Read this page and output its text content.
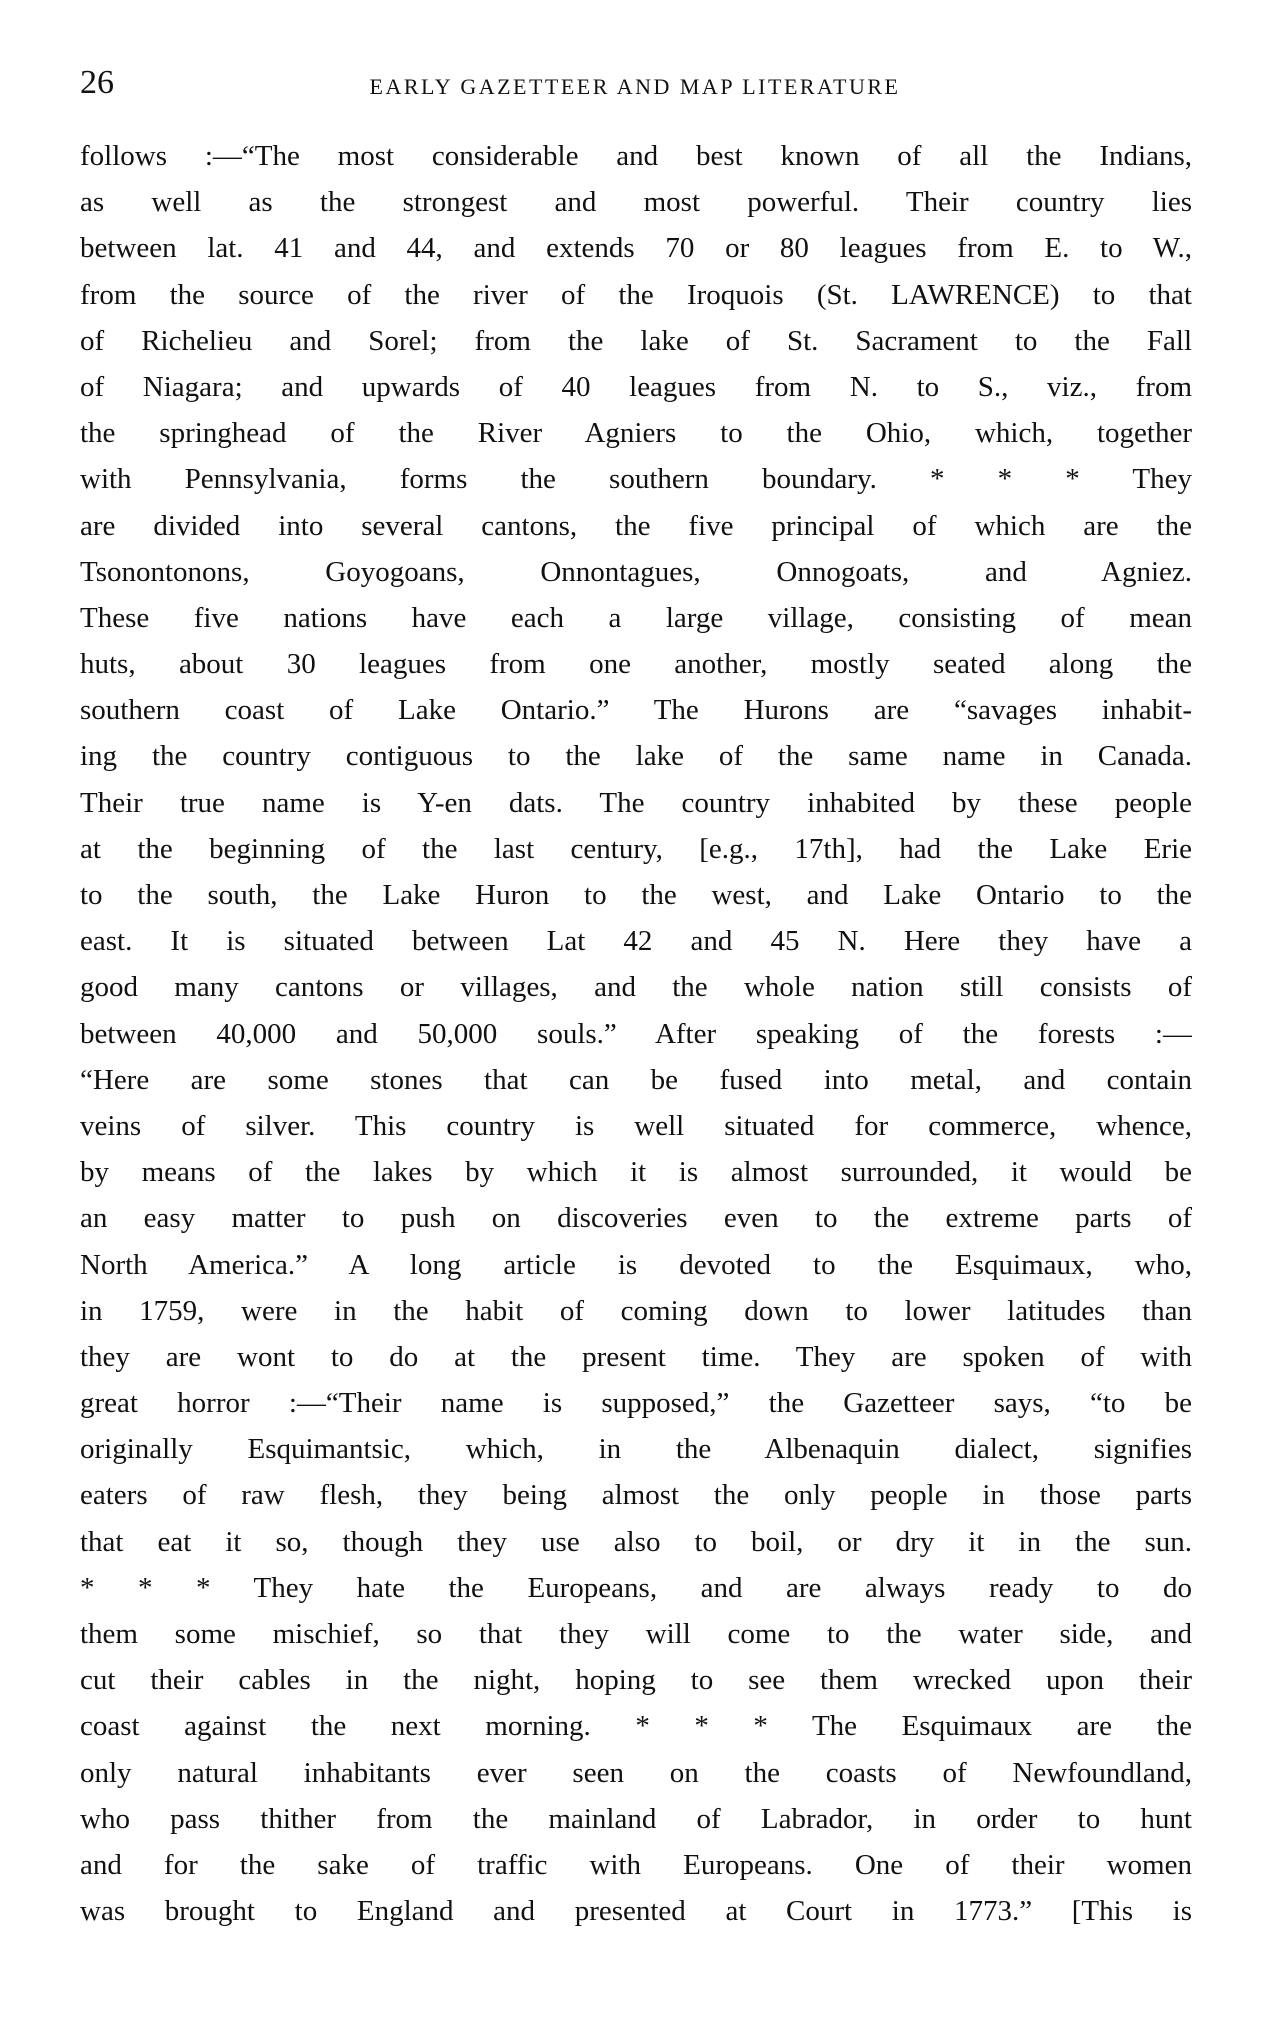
26	EARLY GAZETTEER AND MAP LITERATURE
follows :—“The most considerable and best known of all the Indians,
as well as the strongest and most powerful. Their country lies
between lat. 41 and 44, and extends 70 or 80 leagues from E. to W.,
from the source of the river of the Iroquois (St. LAWRENCE) to that
of Richelieu and Sorel; from the lake of St. Sacrament to the Fall
of Niagara; and upwards of 40 leagues from N. to S., viz., from
the springhead of the River Agniers to the Ohio, which, together
with Pennsylvania, forms the southern boundary. * * * They
are divided into several cantons, the five principal of which are the
Tsonontonons, Goyogoans, Onnontagues, Onnogoats, and Agniez.
These five nations have each a large village, consisting of mean
huts, about 30 leagues from one another, mostly seated along the
southern coast of Lake Ontario.” The Hurons are “savages inhabit-
ing the country contiguous to the lake of the same name in Canada.
Their true name is Y-en dats. The country inhabited by these people
at the beginning of the last century, [e.g., 17th], had the Lake Erie
to the south, the Lake Huron to the west, and Lake Ontario to the
east. It is situated between Lat 42 and 45 N. Here they have a
good many cantons or villages, and the whole nation still consists of
between 40,000 and 50,000 souls.” After speaking of the forests :—
“Here are some stones that can be fused into metal, and contain
veins of silver. This country is well situated for commerce, whence,
by means of the lakes by which it is almost surrounded, it would be
an easy matter to push on discoveries even to the extreme parts of
North America.” A long article is devoted to the Esquimaux, who,
in 1759, were in the habit of coming down to lower latitudes than
they are wont to do at the present time. They are spoken of with
great horror :—“Their name is supposed,” the Gazetteer says, “to be
originally Esquimantsic, which, in the Albenaquin dialect, signifies
eaters of raw flesh, they being almost the only people in those parts
that eat it so, though they use also to boil, or dry it in the sun.
* * * They hate the Europeans, and are always ready to do
them some mischief, so that they will come to the water side, and
cut their cables in the night, hoping to see them wrecked upon their
coast against the next morning. * * * The Esquimaux are the
only natural inhabitants ever seen on the coasts of Newfoundland,
who pass thither from the mainland of Labrador, in order to hunt
and for the sake of traffic with Europeans. One of their women
was brought to England and presented at Court in 1773.” [This is
